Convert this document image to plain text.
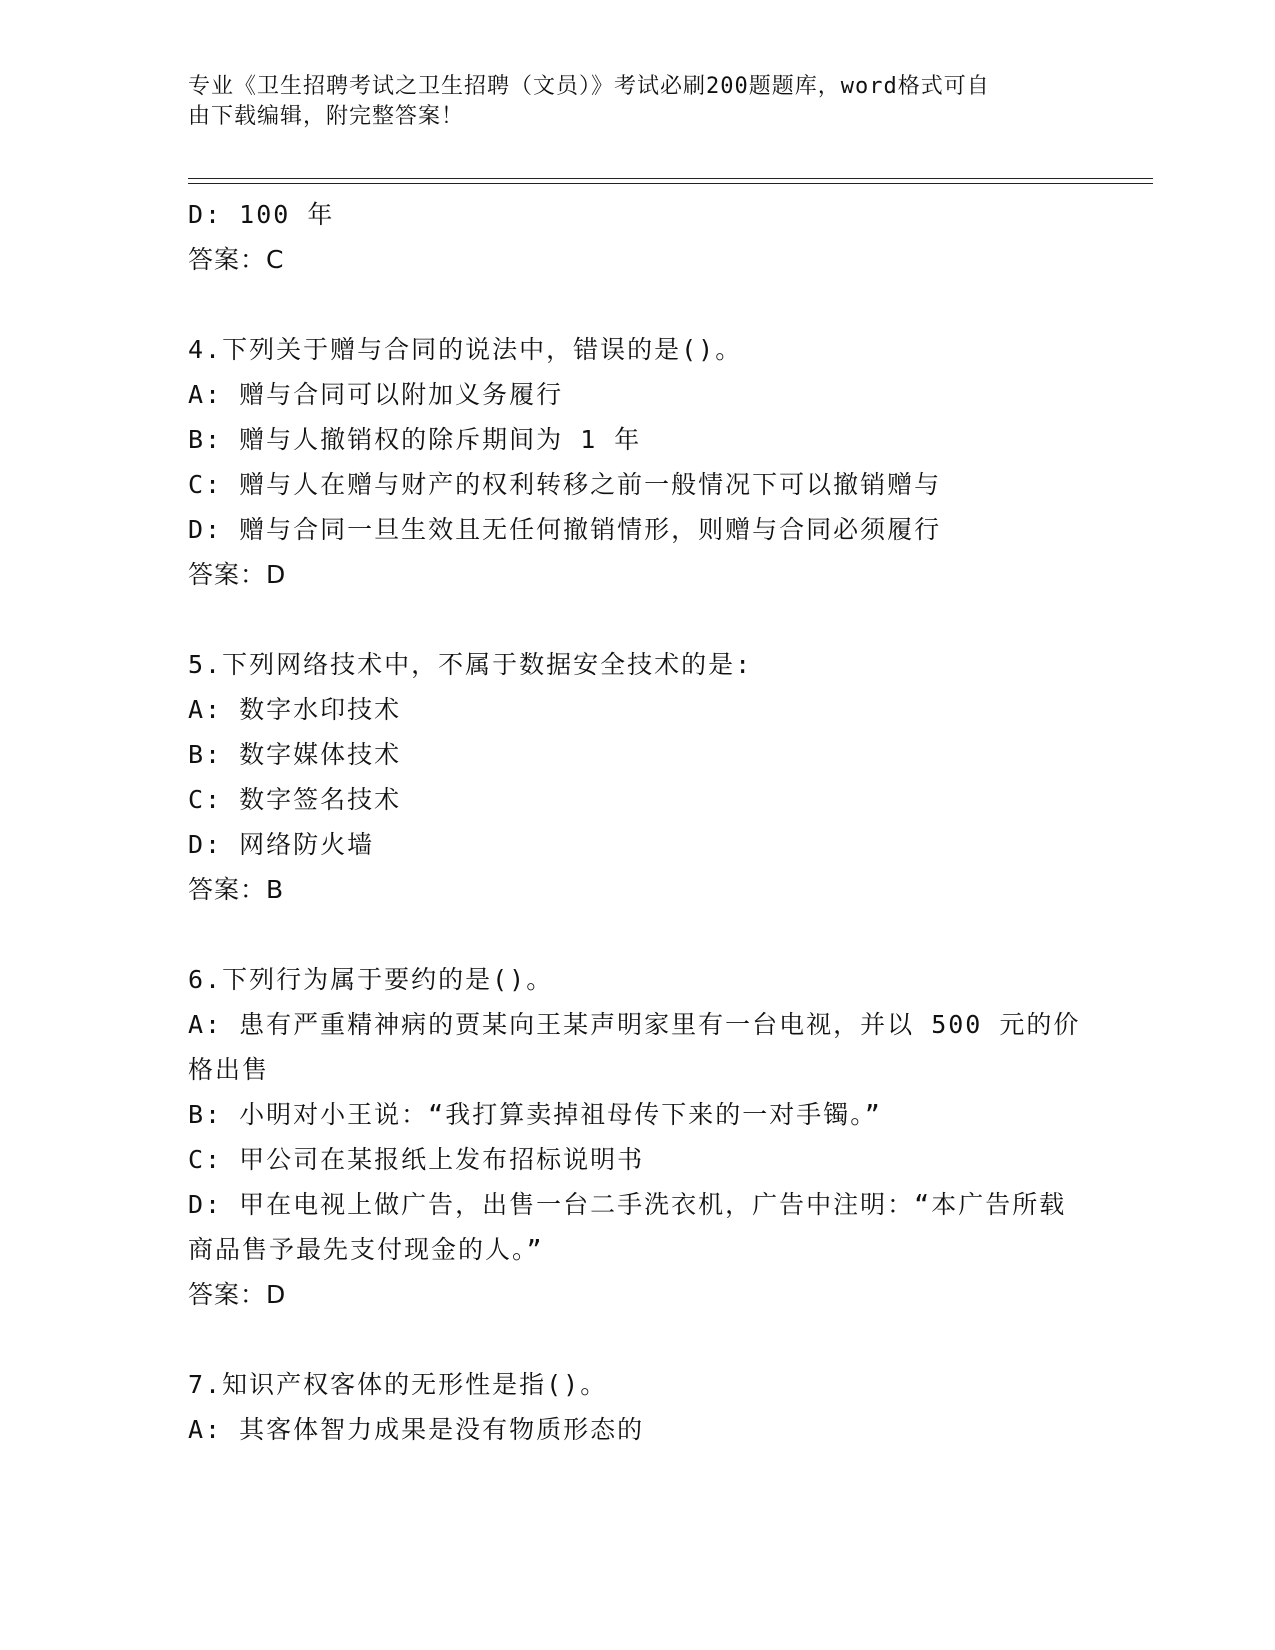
专业《卫生招聘考试之卫生招聘（文员）》考试必刷200题题库，word格式可自
由下载编辑，附完整答案！
D: 100 年
答案：C
4.下列关于赠与合同的说法中，错误的是()。
A: 赠与合同可以附加义务履行
B: 赠与人撤销权的除斥期间为 1 年
C: 赠与人在赠与财产的权利转移之前一般情况下可以撤销赠与
D: 赠与合同一旦生效且无任何撤销情形，则赠与合同必须履行
答案：D
5.下列网络技术中，不属于数据安全技术的是:
A: 数字水印技术
B: 数字媒体技术
C: 数字签名技术
D: 网络防火墙
答案：B
6.下列行为属于要约的是()。
A: 患有严重精神病的贾某向王某声明家里有一台电视，并以 500 元的价格出售
B: 小明对小王说：“我打算卖掉祖母传下来的一对手镯。”
C: 甲公司在某报纸上发布招标说明书
D: 甲在电视上做广告，出售一台二手洗衣机，广告中注明：“本广告所载商品售予最先支付现金的人。”
答案：D
7.知识产权客体的无形性是指()。
A: 其客体智力成果是没有物质形态的
